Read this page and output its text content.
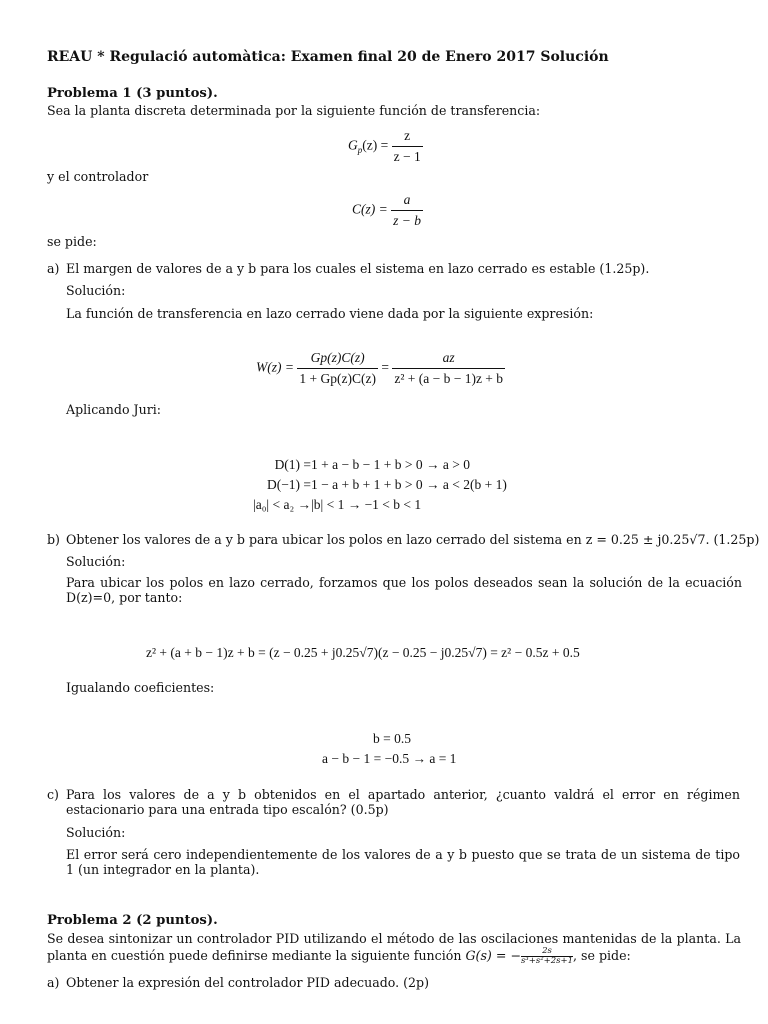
REAU * Regulació automàtica: Examen final 20 de Enero 2017 Solución
Problema 1 (3 puntos).
Sea la planta discreta determinada por la siguiente función de transferencia:
$G_p(z) = \frac{z}{z - 1}$
y el controlador
$C(z) = \frac{a}{z - b}$
se pide:
a) El margen de valores de a y b para los cuales el sistema en lazo cerrado es estable (1.25p).
Solución:
La función de transferencia en lazo cerrado viene dada por la siguiente expresión:
$W(z) = \frac{Gp(z)C(z)}{1 + Gp(z)C(z)} = \frac{az}{\text{z² + (a − b − 1)z + b}}$
Aplicando Juri:
D(1) = 1 + a − b − 1 + b > 0 → a > 0
D(−1) = 1 − a + b + 1 + b > 0 → a < 2(b + 1)
|a₀| < a₂ → |b| < 1 → −1 < b < 1
b) Obtener los valores de a y b para ubicar los polos en lazo cerrado del sistema en z = 0.25 ± j0.25√7. (1.25p)
Solución:
Para ubicar los polos en lazo cerrado, forzamos que los polos deseados sean la solución de la ecuación D(z)=0, por tanto:
z² + (a + b − 1)z + b = (z − 0.25 + j0.25√7)(z − 0.25 − j0.25√7) = z² − 0.5z + 0.5
Igualando coeficientes:
b = 0.5
a − b − 1 = −0.5 → a = 1
c) Para los valores de a y b obtenidos en el apartado anterior, ¿cuanto valdrá el error en régimen estacionario para una entrada tipo escalón? (0.5p)
Solución:
El error será cero independientemente de los valores de a y b puesto que se trata de un sistema de tipo 1 (un integrador en la planta).
Problema 2 (2 puntos).
Se desea sintonizar un controlador PID utilizando el método de las oscilaciones mantenidas de la planta. La planta en cuestión puede definirse mediante la siguiente función G(s) = − $\frac{2s}{\text{s³+s²+2s+1}}$ , se pide:
a) Obtener la expresión del controlador PID adecuado. (2p)
